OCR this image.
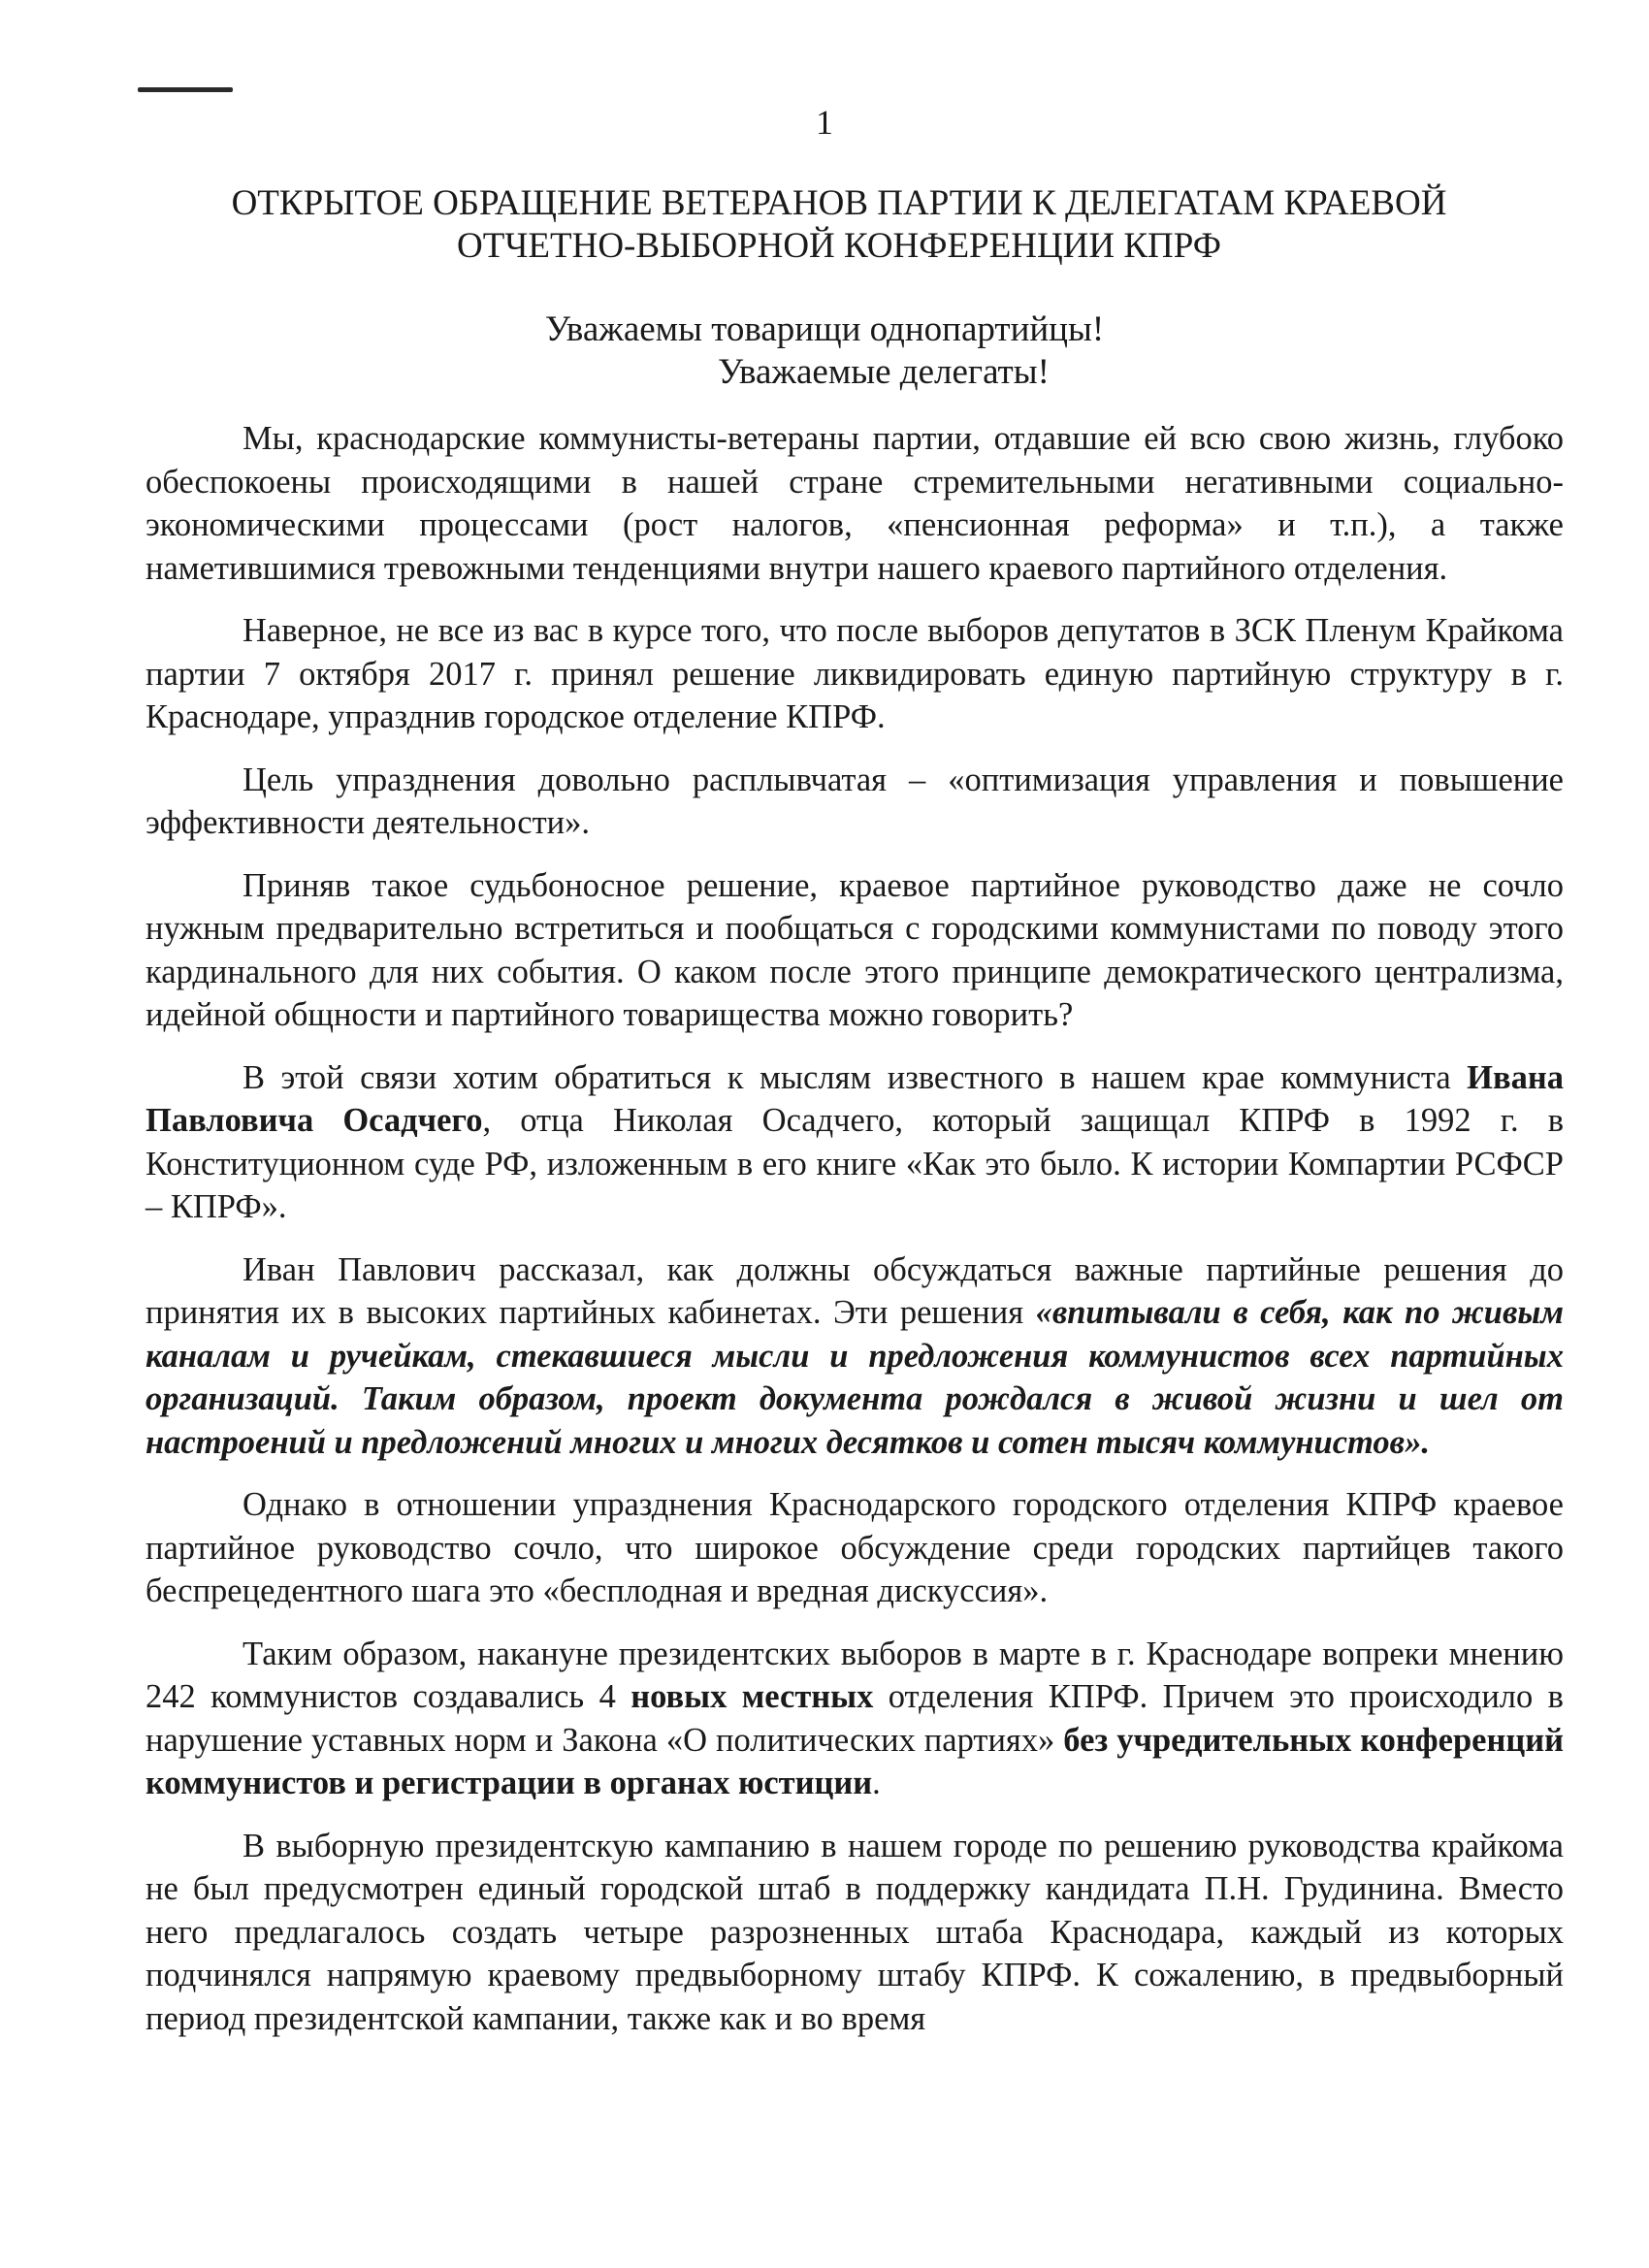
1
ОТКРЫТОЕ ОБРАЩЕНИЕ ВЕТЕРАНОВ ПАРТИИ К ДЕЛЕГАТАМ КРАЕВОЙ
ОТЧЕТНО-ВЫБОРНОЙ КОНФЕРЕНЦИИ КПРФ
Уважаемы товарищи однопартийцы!
Уважаемые делегаты!

Мы, краснодарские коммунисты-ветераны партии, отдавшие ей всю свою жизнь, глубоко обеспокоены происходящими в нашей стране стремительными негативными социально-экономическими процессами (рост налогов, «пенсионная реформа» и т.п.), а также наметившимися тревожными тенденциями внутри нашего краевого партийного отделения.

Наверное, не все из вас в курсе того, что после выборов депутатов в ЗСК Пленум Крайкома партии 7 октября 2017 г. принял решение ликвидировать единую партийную структуру в г. Краснодаре, упразднив городское отделение КПРФ.

Цель упразднения довольно расплывчатая – «оптимизация управления и повышение эффективности деятельности».

Приняв такое судьбоносное решение, краевое партийное руководство даже не сочло нужным предварительно встретиться и пообщаться с городскими коммунистами по поводу этого кардинального для них события. О каком после этого принципе демократического централизма, идейной общности и партийного товарищества можно говорить?

В этой связи хотим обратиться к мыслям известного в нашем крае коммуниста Ивана Павловича Осадчего, отца Николая Осадчего, который защищал КПРФ в 1992 г. в Конституционном суде РФ, изложенным в его книге «Как это было. К истории Компартии РСФСР – КПРФ».

Иван Павлович рассказал, как должны обсуждаться важные партийные решения до принятия их в высоких партийных кабинетах. Эти решения «впитывали в себя, как по живым каналам и ручейкам, стекавшиеся мысли и предложения коммунистов всех партийных организаций. Таким образом, проект документа рождался в живой жизни и шел от настроений и предложений многих и многих десятков и сотен тысяч коммунистов».

Однако в отношении упразднения Краснодарского городского отделения КПРФ краевое партийное руководство сочло, что широкое обсуждение среди городских партийцев такого беспрецедентного шага это «бесплодная и вредная дискуссия».

Таким образом, накануне президентских выборов в марте в г. Краснодаре вопреки мнению 242 коммунистов создавались 4 новых местных отделения КПРФ. Причем это происходило в нарушение уставных норм и Закона «О политических партиях» без учредительных конференций коммунистов и регистрации в органах юстиции.

В выборную президентскую кампанию в нашем городе по решению руководства крайкома не был предусмотрен единый городской штаб в поддержку кандидата П.Н. Грудинина. Вместо него предлагалось создать четыре разрозненных штаба Краснодара, каждый из которых подчинялся напрямую краевому предвыборному штабу КПРФ. К сожалению, в предвыборный период президентской кампании, также как и во время
